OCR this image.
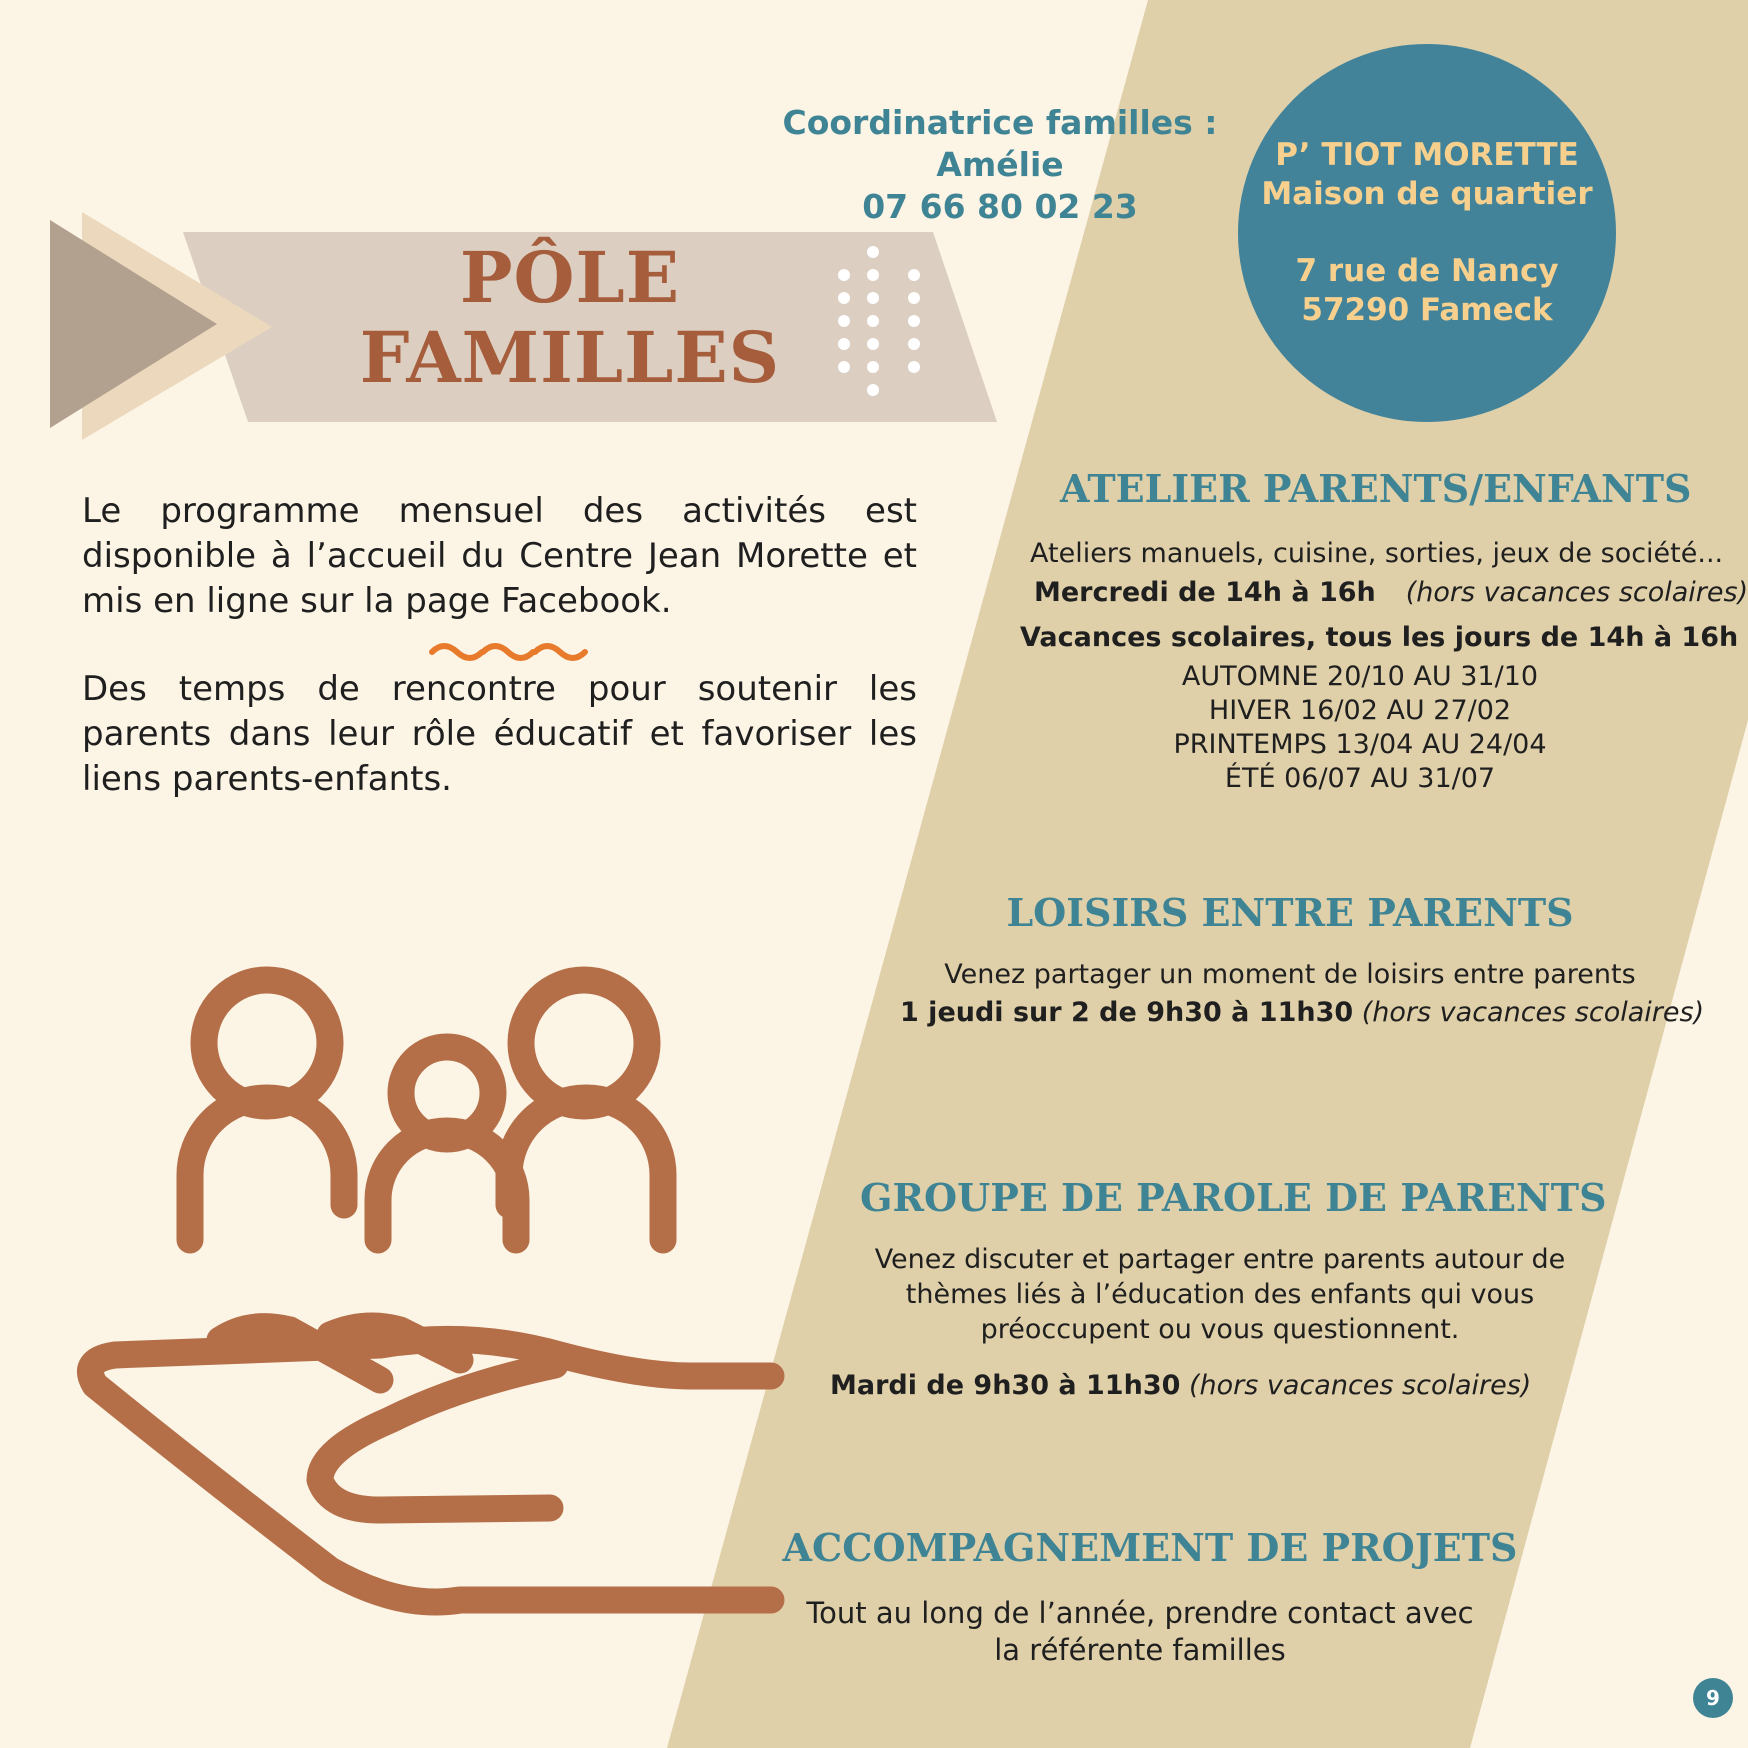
Coordinatrice familles :
Amélie
07 66 80 02 23
P’ TIOT MORETTE
Maison de quartier
7 rue de Nancy
57290 Fameck
PÔLE
FAMILLES
Le programme mensuel des activités est disponible à l’accueil du Centre Jean Morette et mis en ligne sur la page Facebook.
Des temps de rencontre pour soutenir les parents dans leur rôle éducatif et favoriser les liens parents-enfants.
ATELIER PARENTS/ENFANTS
Ateliers manuels, cuisine, sorties, jeux de société...
Mercredi de 14h à 16h (hors vacances scolaires)
Vacances scolaires, tous les jours de 14h à 16h
AUTOMNE 20/10 AU 31/10
HIVER 16/02 AU 27/02
PRINTEMPS 13/04 AU 24/04
ÉTÉ 06/07 AU 31/07
LOISIRS ENTRE PARENTS
Venez partager un moment de loisirs entre parents
1 jeudi sur 2 de 9h30 à 11h30 (hors vacances scolaires)
GROUPE DE PAROLE DE PARENTS
Venez discuter et partager entre parents autour de thèmes liés à l’éducation des enfants qui vous préoccupent ou vous questionnent.
Mardi de 9h30 à 11h30 (hors vacances scolaires)
ACCOMPAGNEMENT DE PROJETS
Tout au long de l’année, prendre contact avec la référente familles
9
